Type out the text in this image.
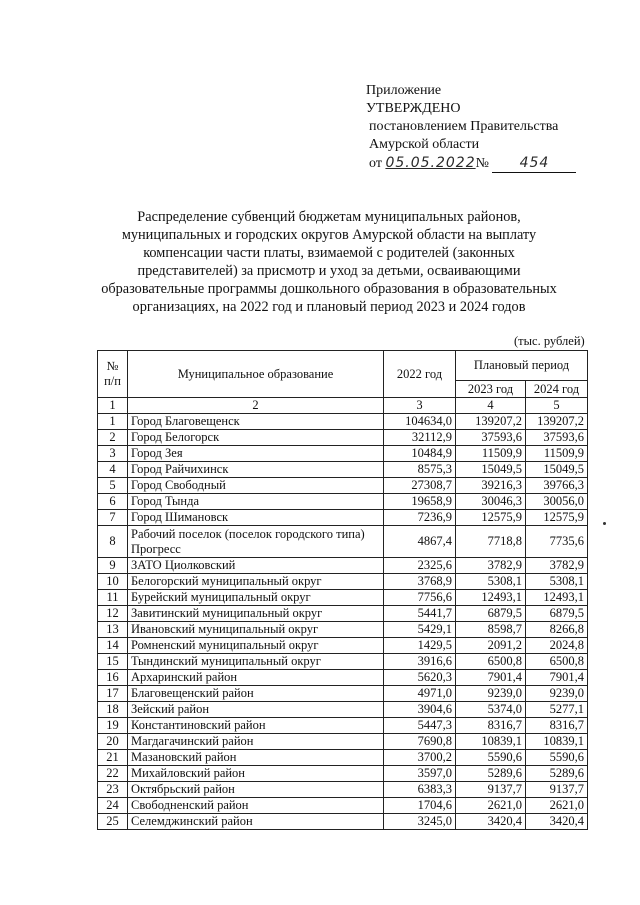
Приложение
УТВЕРЖДЕНО
постановлением Правительства
Амурской области
от 05.05.2022№ 454
Распределение субвенций бюджетам муниципальных районов,
муниципальных и городских округов Амурской области на выплату
компенсации части платы, взимаемой с родителей (законных
представителей) за присмотр и уход за детьми, осваивающими
образовательные программы дошкольного образования в образовательных
организациях, на 2022 год и плановый период 2023 и 2024 годов
(тыс. рублей)
№ п/п	Муниципальное образование	2022 год	Плановый период	
			2023 год	2024 год
1	2	3	4	5
1	Город Благовещенск	104634,0	139207,2	139207,2
2	Город Белогорск	32112,9	37593,6	37593,6
3	Город Зея	10484,9	11509,9	11509,9
4	Город Райчихинск	8575,3	15049,5	15049,5
5	Город Свободный	27308,7	39216,3	39766,3
6	Город Тында	19658,9	30046,3	30056,0
7	Город Шимановск	7236,9	12575,9	12575,9
8	Рабочий поселок (поселок городского типа) Прогресс	4867,4	7718,8	7735,6
9	ЗАТО Циолковский	2325,6	3782,9	3782,9
10	Белогорский муниципальный округ	3768,9	5308,1	5308,1
11	Бурейский муниципальный округ	7756,6	12493,1	12493,1
12	Завитинский муниципальный округ	5441,7	6879,5	6879,5
13	Ивановский муниципальный округ	5429,1	8598,7	8266,8
14	Ромненский муниципальный округ	1429,5	2091,2	2024,8
15	Тындинский муниципальный округ	3916,6	6500,8	6500,8
16	Архаринский район	5620,3	7901,4	7901,4
17	Благовещенский район	4971,0	9239,0	9239,0
18	Зейский район	3904,6	5374,0	5277,1
19	Константиновский район	5447,3	8316,7	8316,7
20	Магдагачинский район	7690,8	10839,1	10839,1
21	Мазановский район	3700,2	5590,6	5590,6
22	Михайловский район	3597,0	5289,6	5289,6
23	Октябрьский район	6383,3	9137,7	9137,7
24	Свободненский район	1704,6	2621,0	2621,0
25	Селемджинский район	3245,0	3420,4	3420,4
